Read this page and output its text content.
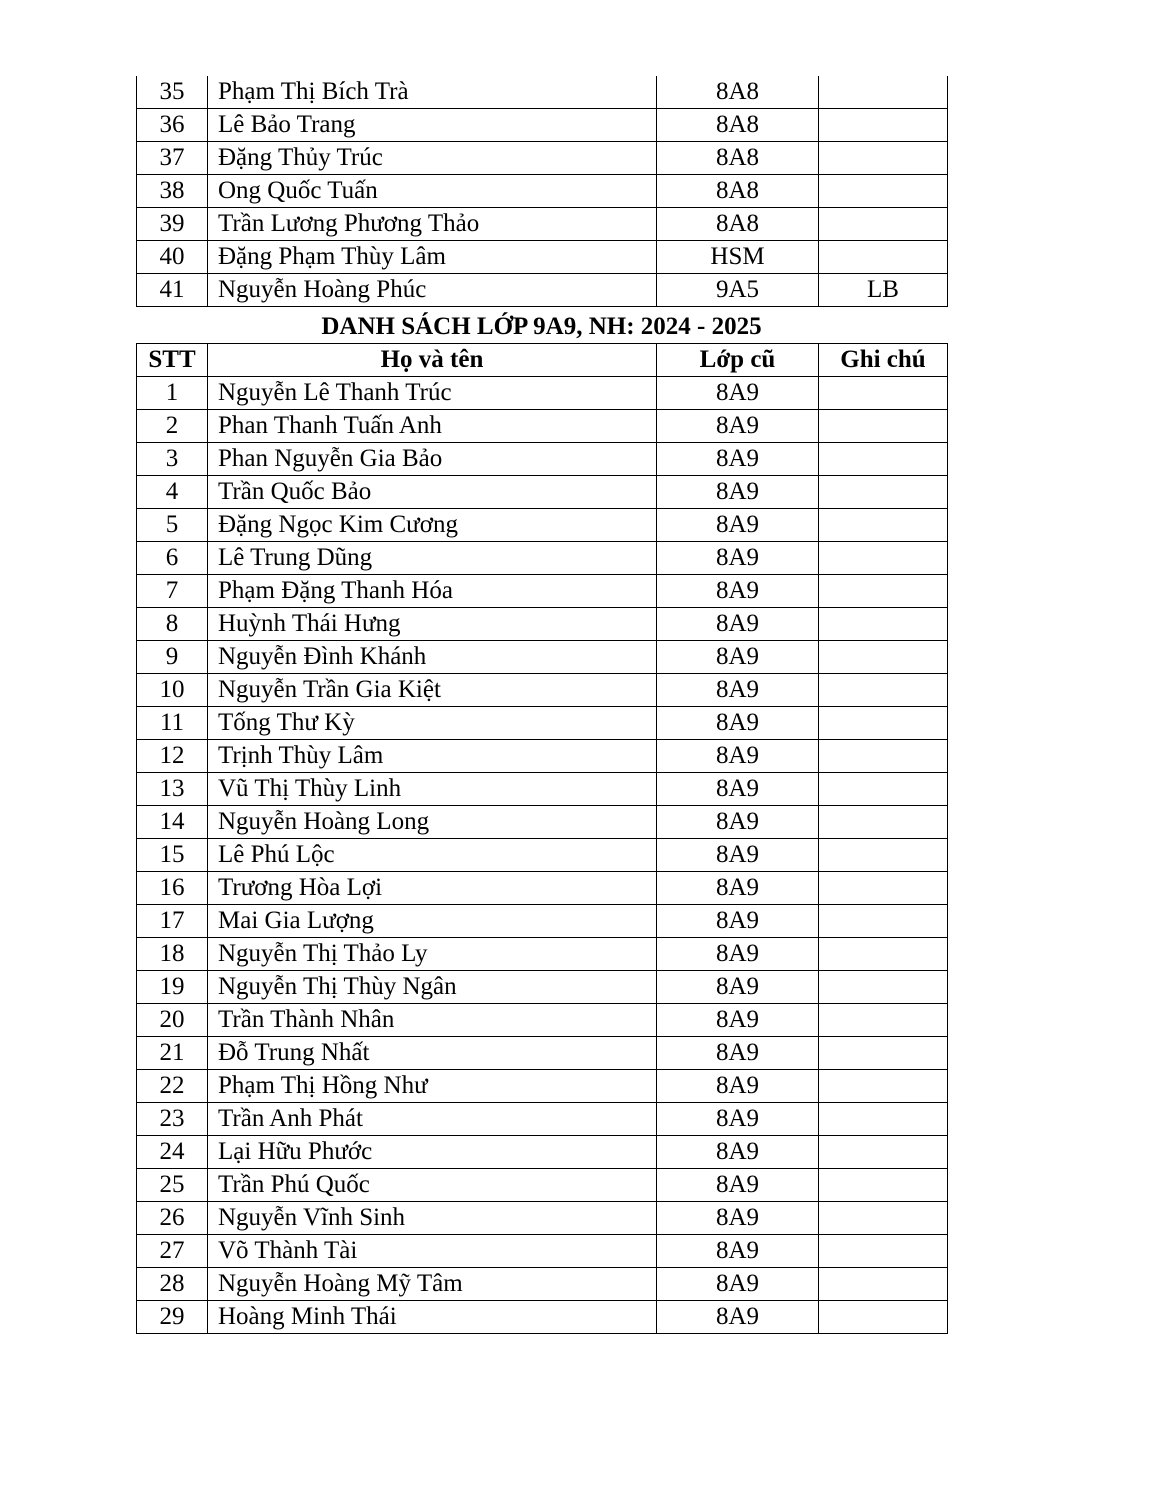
35	Phạm Thị Bích Trà	8A8	
36	Lê Bảo Trang	8A8	
37	Đặng Thủy Trúc	8A8	
38	Ong Quốc Tuấn	8A8	
39	Trần Lương Phương Thảo	8A8	
40	Đặng Phạm Thùy Lâm	HSM	
41	Nguyễn Hoàng Phúc	9A5	LB
DANH SÁCH LỚP 9A9, NH: 2024 - 2025
STT	Họ và tên	Lớp cũ	Ghi chú
1	Nguyễn Lê Thanh Trúc	8A9	
2	Phan Thanh Tuấn Anh	8A9	
3	Phan Nguyễn Gia Bảo	8A9	
4	Trần Quốc Bảo	8A9	
5	Đặng Ngọc Kim Cương	8A9	
6	Lê Trung Dũng	8A9	
7	Phạm Đặng Thanh Hóa	8A9	
8	Huỳnh Thái Hưng	8A9	
9	Nguyễn Đình Khánh	8A9	
10	Nguyễn Trần Gia Kiệt	8A9	
11	Tống Thư Kỳ	8A9	
12	Trịnh Thùy Lâm	8A9	
13	Vũ Thị Thùy Linh	8A9	
14	Nguyễn Hoàng Long	8A9	
15	Lê Phú Lộc	8A9	
16	Trương Hòa Lợi	8A9	
17	Mai Gia Lượng	8A9	
18	Nguyễn Thị Thảo Ly	8A9	
19	Nguyễn Thị Thùy Ngân	8A9	
20	Trần Thành Nhân	8A9	
21	Đỗ Trung Nhất	8A9	
22	Phạm Thị Hồng Như	8A9	
23	Trần Anh Phát	8A9	
24	Lại Hữu Phước	8A9	
25	Trần Phú Quốc	8A9	
26	Nguyễn Vĩnh Sinh	8A9	
27	Võ Thành Tài	8A9	
28	Nguyễn Hoàng Mỹ Tâm	8A9	
29	Hoàng Minh Thái	8A9	
